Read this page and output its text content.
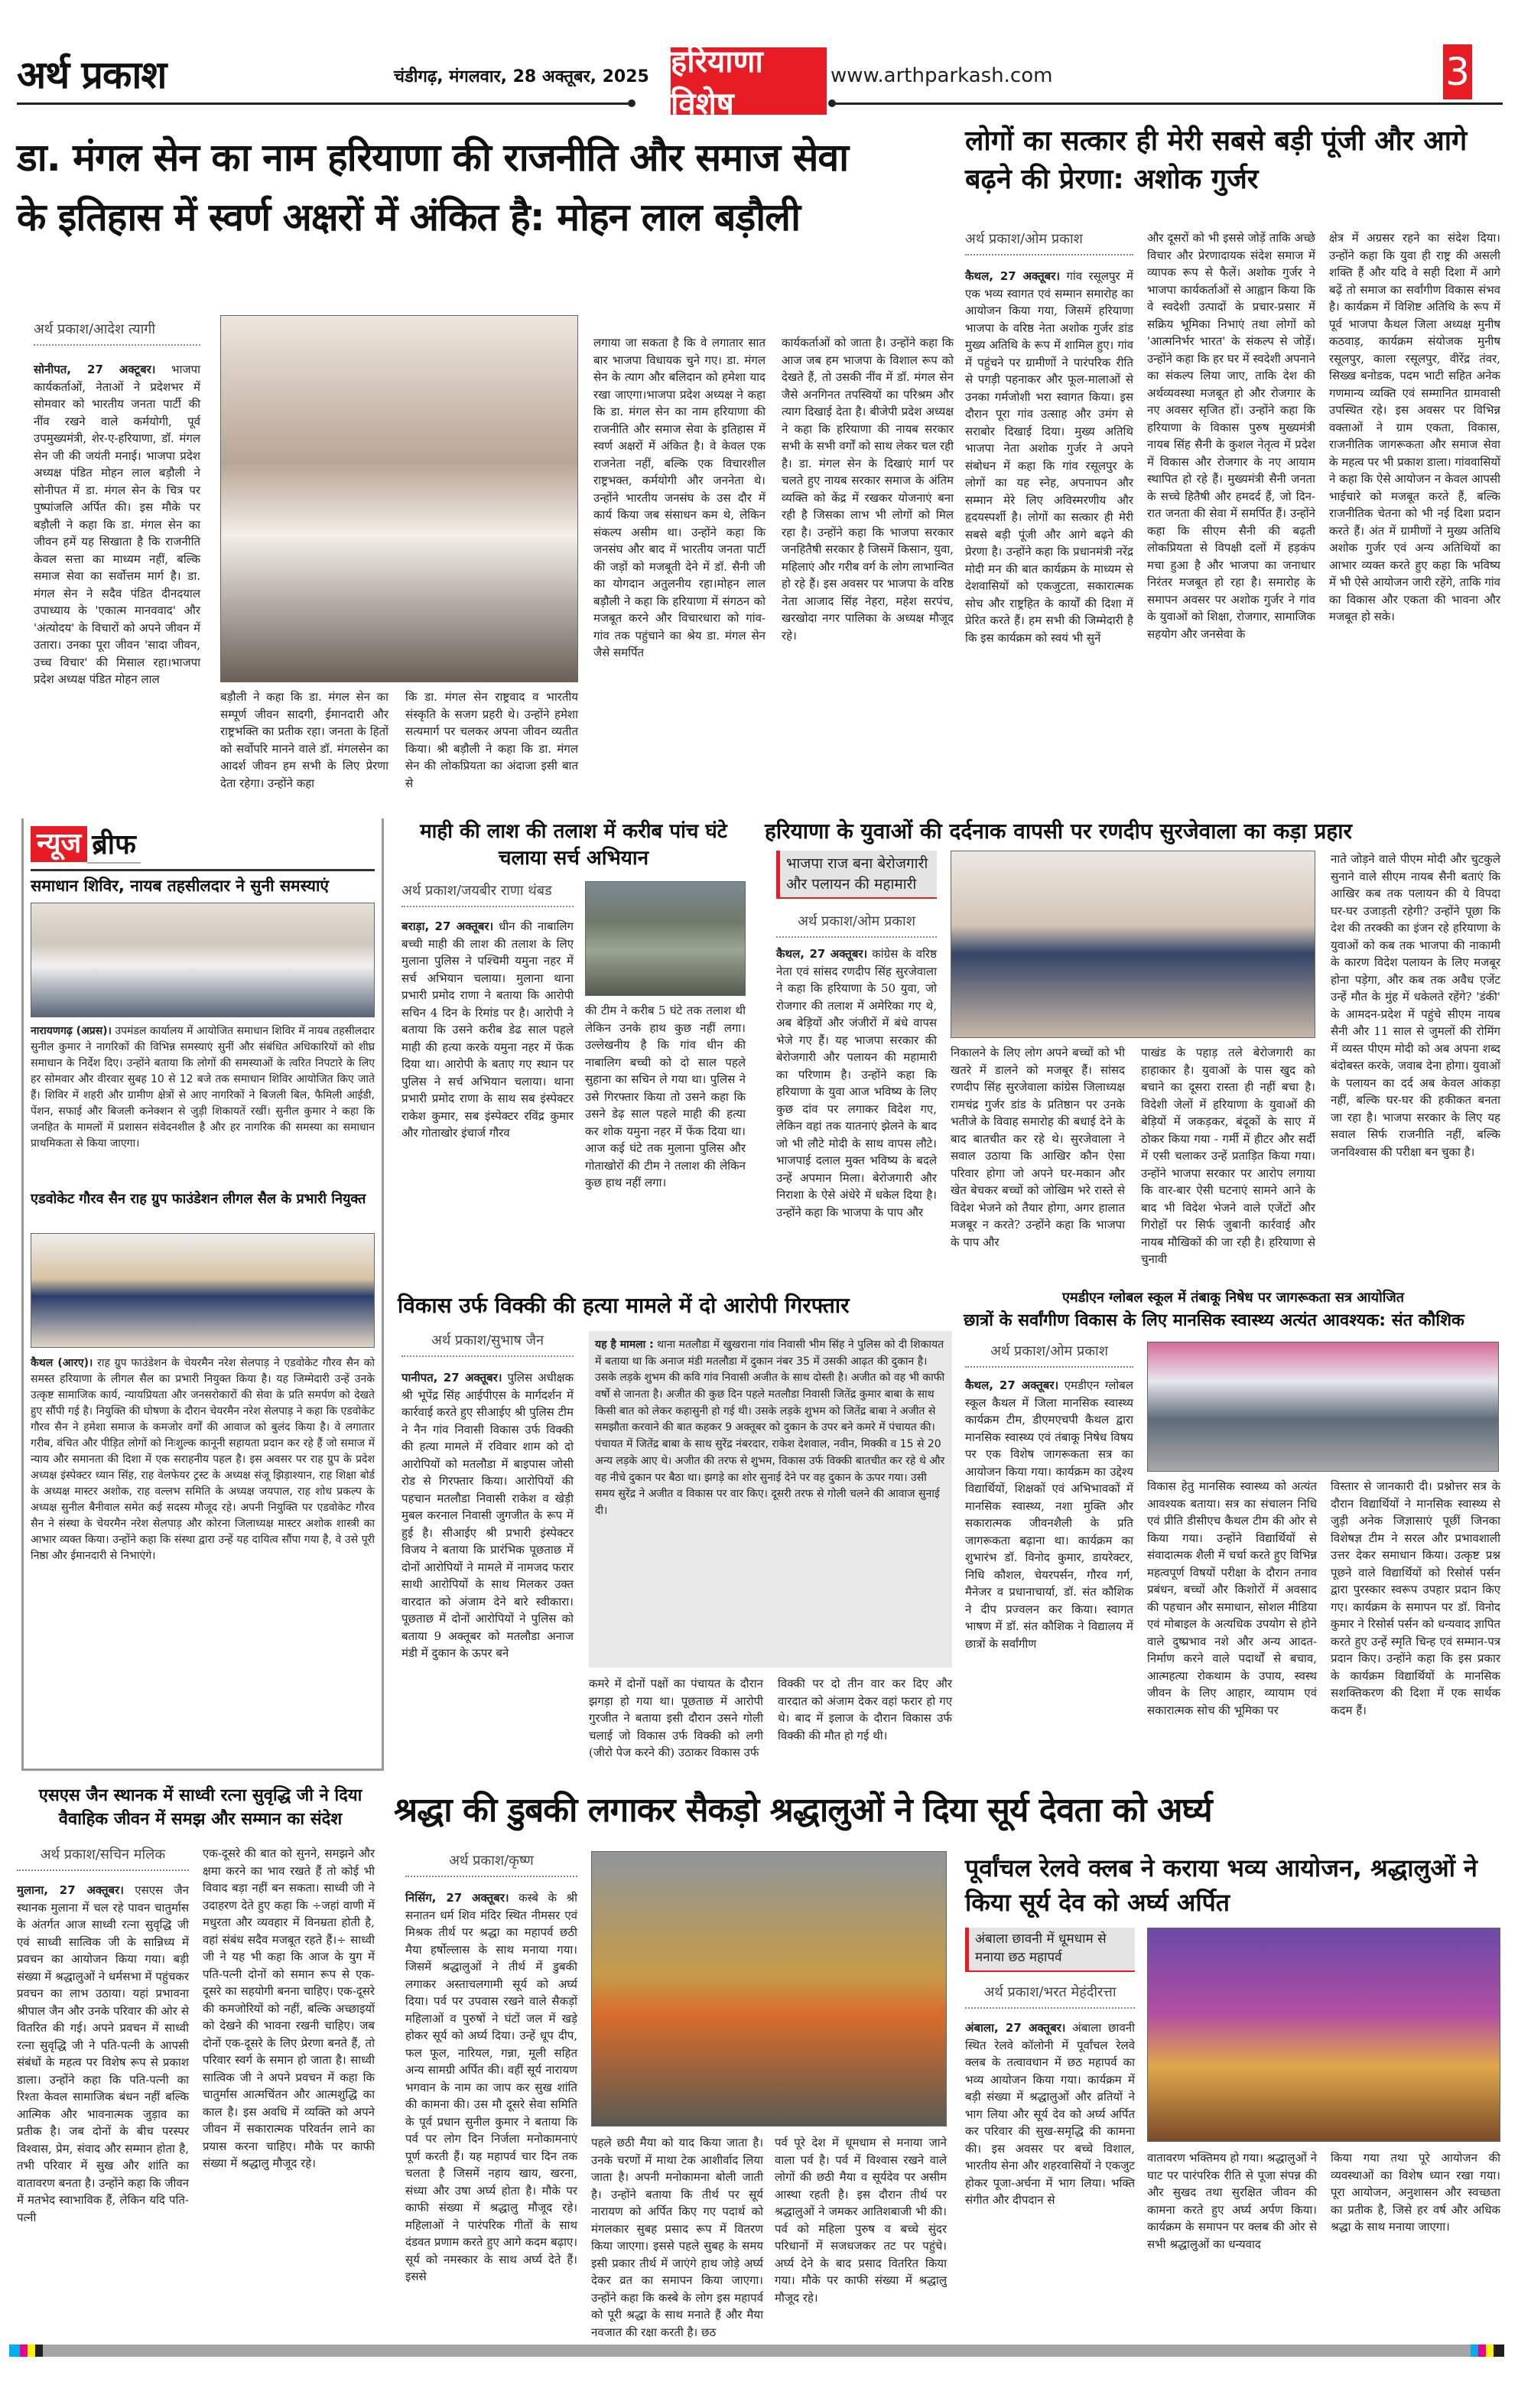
अर्थ प्रकाश	चंडीगढ़, मंगलवार, 28 अक्तूबर, 2025 हरियाणा विशेष
www.arthparkash.com	3
डा. मंगल सेन का नाम हरियाणा की राजनीति और समाज सेवा
के इतिहास में स्वर्ण अक्षरों में अंकित है: मोहन लाल बड़ौली
अर्थ प्रकाश/आदेश त्यागी
सोनीपत, 27 अक्टूबर। भाजपा कार्यकर्ताओं, नेताओं ने प्रदेशभर में सोमवार को भारतीय जनता पार्टी की नींव रखने वाले कर्मयोगी, पूर्व उपमुख्यमंत्री, शेर-ए-हरियाणा, डॉ. मंगल सेन जी की जयंती मनाई। भाजपा प्रदेश अध्यक्ष पंडित मोहन लाल बड़ौली ने सोनीपत में डा. मंगल सेन के चित्र पर पुष्पांजलि अर्पित की। इस मौके पर बड़ौली ने कहा कि डा. मंगल सेन का जीवन हमें यह सिखाता है कि राजनीति केवल सत्ता का माध्यम नहीं, बल्कि समाज सेवा का सर्वोत्तम मार्ग है। डा. मंगल सेन ने सदैव पंडित दीनदयाल उपाध्याय के 'एकात्म मानववाद' और 'अंत्योदय' के विचारों को अपने जीवन में उतारा। उनका पूरा जीवन 'सादा जीवन, उच्च विचार' की मिसाल रहा।भाजपा प्रदेश अध्यक्ष पंडित मोहन लाल
बड़ौली ने कहा कि डा. मंगल सेन का सम्पूर्ण जीवन सादगी, ईमानदारी और राष्ट्रभक्ति का प्रतीक रहा। जनता के हितों को सर्वोपरि मानने वाले डॉ. मंगलसेन का आदर्श जीवन हम सभी के लिए प्रेरणा देता रहेगा। उन्होंने कहा
कि डा. मंगल सेन राष्ट्रवाद व भारतीय संस्कृति के सजग प्रहरी थे। उन्होंने हमेशा सत्यमार्ग पर चलकर अपना जीवन व्यतीत किया। श्री बड़ौली ने कहा कि डा. मंगल सेन की लोकप्रियता का अंदाजा इसी बात से
लगाया जा सकता है कि वे लगातार सात बार भाजपा विधायक चुने गए। डा. मंगल सेन के त्याग और बलिदान को हमेशा याद रखा जाएगा।भाजपा प्रदेश अध्यक्ष ने कहा कि डा. मंगल सेन का नाम हरियाणा की राजनीति और समाज सेवा के इतिहास में स्वर्ण अक्षरों में अंकित है। वे केवल एक राजनेता नहीं, बल्कि एक विचारशील राष्ट्रभक्त, कर्मयोगी और जननेता थे। उन्होंने भारतीय जनसंघ के उस दौर में कार्य किया जब संसाधन कम थे, लेकिन संकल्प असीम था। उन्होंने कहा कि जनसंघ और बाद में भारतीय जनता पार्टी की जड़ों को मजबूती देने में डॉ. सैनी जी का योगदान अतुलनीय रहा।मोहन लाल बड़ौली ने कहा कि हरियाणा में संगठन को मजबूत करने और विचारधारा को गांव-गांव तक पहुंचाने का श्रेय डा. मंगल सेन जैसे समर्पित
कार्यकर्ताओं को जाता है। उन्होंने कहा कि आज जब हम भाजपा के विशाल रूप को देखते हैं, तो उसकी नींव में डॉ. मंगल सेन जैसे अनगिनत तपस्वियों का परिश्रम और त्याग दिखाई देता है। बीजेपी प्रदेश अध्यक्ष ने कहा कि हरियाणा की नायब सरकार सभी के सभी वर्गों को साथ लेकर चल रही है। डा. मंगल सेन के दिखाएं मार्ग पर चलते हुए नायब सरकार समाज के अंतिम व्यक्ति को केंद्र में रखकर योजनाएं बना रही है जिसका लाभ भी लोगों को मिल रहा है। उन्होंने कहा कि भाजपा सरकार जनहितैषी सरकार है जिसमें किसान, युवा, महिलाएं और गरीब वर्ग के लोग लाभान्वित हो रहे हैं। इस अवसर पर भाजपा के वरिष्ठ नेता आजाद सिंह नेहरा, महेश सरपंच, खरखोदा नगर पालिका के अध्यक्ष मौजूद रहे।
लोगों का सत्कार ही मेरी सबसे बड़ी पूंजी और आगे बढ़ने की प्रेरणा: अशोक गुर्जर
अर्थ प्रकाश/ओम प्रकाश
कैथल, 27 अक्तूबर। गांव रसूलपुर में एक भव्य स्वागत एवं सम्मान समारोह का आयोजन किया गया, जिसमें हरियाणा भाजपा के वरिष्ठ नेता अशोक गुर्जर डांड मुख्य अतिथि के रूप में शामिल हुए। गांव में पहुंचने पर ग्रामीणों ने पारंपरिक रीति से पगड़ी पहनाकर और फूल-मालाओं से उनका गर्मजोशी भरा स्वागत किया। इस दौरान पूरा गांव उत्साह और उमंग से सराबोर दिखाई दिया। मुख्य अतिथि भाजपा नेता अशोक गुर्जर ने अपने संबोधन में कहा कि गांव रसूलपुर के लोगों का यह स्नेह, अपनापन और सम्मान मेरे लिए अविस्मरणीय और हृदयस्पर्शी है। लोगों का सत्कार ही मेरी सबसे बड़ी पूंजी और आगे बढ़ने की प्रेरणा है। उन्होंने कहा कि प्रधानमंत्री नरेंद्र मोदी मन की बात कार्यक्रम के माध्यम से देशवासियों को एकजुटता, सकारात्मक सोच और राष्ट्रहित के कार्यों की दिशा में प्रेरित करते हैं। हम सभी की जिम्मेदारी है कि इस कार्यक्रम को स्वयं भी सुनें
और दूसरों को भी इससे जोड़ें ताकि अच्छे विचार और प्रेरणादायक संदेश समाज में व्यापक रूप से फैलें। अशोक गुर्जर ने भाजपा कार्यकर्ताओं से आह्वान किया कि वे स्वदेशी उत्पादों के प्रचार-प्रसार में सक्रिय भूमिका निभाएं तथा लोगों को 'आत्मनिर्भर भारत' के संकल्प से जोड़ें। उन्होंने कहा कि हर घर में स्वदेशी अपनाने का संकल्प लिया जाए, ताकि देश की अर्थव्यवस्था मजबूत हो और रोजगार के नए अवसर सृजित हों। उन्होंने कहा कि हरियाणा के विकास पुरुष मुख्यमंत्री नायब सिंह सैनी के कुशल नेतृत्व में प्रदेश में विकास और रोजगार के नए आयाम स्थापित हो रहे हैं। मुख्यमंत्री सैनी जनता के सच्चे हितैषी और हमदर्द हैं, जो दिन-रात जनता की सेवा में समर्पित हैं। उन्होंने कहा कि सीएम सैनी की बढ़ती लोकप्रियता से विपक्षी दलों में हड़कंप मचा हुआ है और भाजपा का जनाधार निरंतर मजबूत हो रहा है। समारोह के समापन अवसर पर अशोक गुर्जर ने गांव के युवाओं को शिक्षा, रोजगार, सामाजिक सहयोग और जनसेवा के
क्षेत्र में अग्रसर रहने का संदेश दिया। उन्होंने कहा कि युवा ही राष्ट्र की असली शक्ति हैं और यदि वे सही दिशा में आगे बढ़ें तो समाज का सर्वांगीण विकास संभव है। कार्यक्रम में विशिष्ट अतिथि के रूप में पूर्व भाजपा कैथल जिला अध्यक्ष मुनीष कठवाड़, कार्यक्रम संयोजक मुनीष रसूलपुर, काला रसूलपुर, वीरेंद्र तंवर, सिख्ख बनोडक, पदम भाटी सहित अनेक गणमान्य व्यक्ति एवं सम्मानित ग्रामवासी उपस्थित रहे। इस अवसर पर विभिन्न वक्ताओं ने ग्राम एकता, विकास, राजनीतिक जागरूकता और समाज सेवा के महत्व पर भी प्रकाश डाला। गांववासियों ने कहा कि ऐसे आयोजन न केवल आपसी भाईचारे को मजबूत करते हैं, बल्कि राजनीतिक चेतना को भी नई दिशा प्रदान करते हैं। अंत में ग्रामीणों ने मुख्य अतिथि अशोक गुर्जर एवं अन्य अतिथियों का आभार व्यक्त करते हुए कहा कि भविष्य में भी ऐसे आयोजन जारी रहेंगे, ताकि गांव का विकास और एकता की भावना और मजबूत हो सके।
न्यूज ब्रीफ
समाधान शिविर, नायब तहसीलदार ने सुनी समस्याएं
नारायणगढ़ (अप्रस)। उपमंडल कार्यालय में आयोजित समाधान शिविर में नायब तहसीलदार सुनील कुमार ने नागरिकों की विभिन्न समस्याएं सुनीं और संबंधित अधिकारियों को शीघ्र समाधान के निर्देश दिए। उन्होंने बताया कि लोगों की समस्याओं के त्वरित निपटारे के लिए हर सोमवार और वीरवार सुबह 10 से 12 बजे तक समाधान शिविर आयोजित किए जाते हैं। शिविर में शहरी और ग्रामीण क्षेत्रों से आए नागरिकों ने बिजली बिल, फैमिली आईडी, पेंशन, सफाई और बिजली कनेक्शन से जुड़ी शिकायतें रखीं। सुनील कुमार ने कहा कि जनहित के मामलों में प्रशासन संवेदनशील है और हर नागरिक की समस्या का समाधान प्राथमिकता से किया जाएगा।
एडवोकेट गौरव सैन राह ग्रुप फाउंडेशन लीगल सैल के प्रभारी नियुक्त
कैथल (आरए)। राह ग्रुप फाउंडेशन के चेयरमैन नरेश सेलपाड़ ने एडवोकेट गौरव सैन को समस्त हरियाणा के लीगल सैल का प्रभारी नियुक्त किया है। यह जिम्मेदारी उन्हें उनके उत्कृष्ट सामाजिक कार्य, न्यायप्रियता और जनसरोकारों की सेवा के प्रति समर्पण को देखते हुए सौंपी गई है। नियुक्ति की घोषणा के दौरान चेयरमैन नरेश सेलपाड़ ने कहा कि एडवोकेट गौरव सैन ने हमेशा समाज के कमजोर वर्गों की आवाज को बुलंद किया है। वे लगातार गरीब, वंचित और पीड़ित लोगों को निःशुल्क कानूनी सहायता प्रदान कर रहे हैं जो समाज में न्याय और समानता की दिशा में एक सराहनीय पहल है। इस अवसर पर राह ग्रुप के प्रदेश अध्यक्ष इंस्पेक्टर ध्यान सिंह, राह वेलफेयर ट्रस्ट के अध्यक्ष संजू झिड़ाश्यान, राह शिक्षा बोर्ड के अध्यक्ष मास्टर अशोक, राह वल्लभ समिति के अध्यक्ष जयपाल, राह शोध प्रकल्प के अध्यक्ष सुनील बैनीवाल समेत कई सदस्य मौजूद रहे। अपनी नियुक्ति पर एडवोकेट गौरव सैन ने संस्था के चेयरमैन नरेश सेलपाड़ और कोरना जिलाध्यक्ष मास्टर अशोक शास्त्री का आभार व्यक्त किया। उन्होंने कहा कि संस्था द्वारा उन्हें यह दायित्व सौंपा गया है, वे उसे पूरी निष्ठा और ईमानदारी से निभाएंगे।
माही की लाश की तलाश में करीब पांच घंटे चलाया सर्च अभियान
अर्थ प्रकाश/जयबीर राणा थंबड
बराड़ा, 27 अक्तूबर। धीन की नाबालिग बच्ची माही की लाश की तलाश के लिए मुलाना पुलिस ने पश्चिमी यमुना नहर में सर्च अभियान चलाया। मुलाना थाना प्रभारी प्रमोद राणा ने बताया कि आरोपी सचिन 4 दिन के रिमांड पर है। आरोपी ने बताया कि उसने करीब डेढ साल पहले माही की हत्या करके यमुना नहर में फेंक दिया था। आरोपी के बताए गए स्थान पर पुलिस ने सर्च अभियान चलाया। थाना प्रभारी प्रमोद राणा के साथ सब इंस्पेक्टर राकेश कुमार, सब इंस्पेक्टर रविंद्र कुमार और गोताखोर इंचार्ज गौरव
की टीम ने करीब 5 घंटे तक तलाश थी लेकिन उनके हाथ कुछ नहीं लगा। उल्लेखनीय है कि गांव धीन की नाबालिग बच्ची को दो साल पहले सुहाना का सचिन ले गया था। पुलिस ने उसे गिरफ्तार किया तो उसने कहा कि उसने डेढ़ साल पहले माही की हत्या कर शोक यमुना नहर में फेंक दिया था। आज कई घंटे तक मुलाना पुलिस और गोताखोरों की टीम ने तलाश की लेकिन कुछ हाथ नहीं लगा।
हरियाणा के युवाओं की दर्दनाक वापसी पर रणदीप सुरजेवाला का कड़ा प्रहार
भाजपा राज बना बेरोजगारी और पलायन की महामारी
अर्थ प्रकाश/ओम प्रकाश
कैथल, 27 अक्तूबर। कांग्रेस के वरिष्ठ नेता एवं सांसद रणदीप सिंह सुरजेवाला ने कहा कि हरियाणा के 50 युवा, जो रोजगार की तलाश में अमेरिका गए थे, अब बेड़ियों और जंजीरों में बंधे वापस भेजे गए हैं। यह भाजपा सरकार की बेरोजगारी और पलायन की महामारी का परिणाम है। उन्होंने कहा कि हरियाणा के युवा आज भविष्य के लिए कुछ दांव पर लगाकर विदेश गए, लेकिन वहां तक यातनाएं झेलने के बाद जो भी लौटे मोदी के साथ वापस लौटे। भाजपाई दलाल मुक्त भविष्य के बदले उन्हें अपमान मिला। बेरोजगारी और निराशा के ऐसे अंधेरे में धकेल दिया है। उन्होंने कहा कि भाजपा के पाप और
निकालने के लिए लोग अपने बच्चों को भी खतरे में डालने को मजबूर हैं। सांसद रणदीप सिंह सुरजेवाला कांग्रेस जिलाध्यक्ष रामचंद्र गुर्जर डांड के प्रतिष्ठान पर उनके भतीजे के विवाह समारोह की बधाई देने के बाद बातचीत कर रहे थे। सुरजेवाला ने सवाल उठाया कि आखिर कौन ऐसा परिवार होगा जो अपने घर-मकान और खेत बेचकर बच्चों को जोखिम भरे रास्ते से विदेश भेजने को तैयार होगा, अगर हालात मजबूर न करते? उन्होंने कहा कि भाजपा के पाप और
पाखंड के पहाड़ तले बेरोजगारी का हाहाकार है। युवाओं के पास खुद को बचाने का दूसरा रास्ता ही नहीं बचा है। विदेशी जेलों में हरियाणा के युवाओं की बेड़ियों में जकड़कर, बंदूकों के साए में ठोकर किया गया - गर्मी में हीटर और सर्दी में एसी चलाकर उन्हें प्रताड़ित किया गया। उन्होंने भाजपा सरकार पर आरोप लगाया कि वार-बार ऐसी घटनाएं सामने आने के बाद भी विदेश भेजने वाले एजेंटों और गिरोहों पर सिर्फ जुबानी कार्रवाई और नायब मौखिकों की जा रही है। हरियाणा से चुनावी
नाते जोड़ने वाले पीएम मोदी और चुटकुले सुनाने वाले सीएम नायब सैनी बताएं कि आखिर कब तक पलायन की ये विपदा घर-घर उजाड़ती रहेगी? उन्होंने पूछा कि देश की तरक्की का इंजन रहे हरियाणा के युवाओं को कब तक भाजपा की नाकामी के कारण विदेश पलायन के लिए मजबूर होना पड़ेगा, और कब तक अवैध एजेंट उन्हें मौत के मुंह में धकेलते रहेंगे? 'डंकी' के आमदन-प्रदेश में पहुंचे सीएम नायब सैनी और 11 साल से जुमलों की रोमिंग में व्यस्त पीएम मोदी को अब अपना शब्द बंदोबस्त करके, जवाब देना होगा। युवाओं के पलायन का दर्द अब केवल आंकड़ा नहीं, बल्कि घर-घर की हकीकत बनता जा रहा है। भाजपा सरकार के लिए यह सवाल सिर्फ राजनीति नहीं, बल्कि जनविश्वास की परीक्षा बन चुका है।
विकास उर्फ विक्की की हत्या मामले में दो आरोपी गिरफ्तार
अर्थ प्रकाश/सुभाष जैन
पानीपत, 27 अक्तूबर। पुलिस अधीक्षक श्री भूपेंद्र सिंह आईपीएस के मार्गदर्शन में कार्रवाई करते हुए सीआईए श्री पुलिस टीम ने नैन गांव निवासी विकास उर्फ विक्की की हत्या मामले में रविवार शाम को दो आरोपियों को मतलौडा में बाइपास जोसी रोड से गिरफ्तार किया। आरोपियों की पहचान मतलौडा निवासी राकेश व खेड़ी मुबल करनाल निवासी जुगजीत के रूप में हुई है। सीआईए श्री प्रभारी इंस्पेक्टर विजय ने बताया कि प्रारंभिक पूछताछ में दोनों आरोपियों ने मामले में नामजद फरार साथी आरोपियों के साथ मिलकर उक्त वारदात को अंजाम देने बारे स्वीकारा। पूछताछ में दोनों आरोपियों ने पुलिस को बताया 9 अक्तूबर को मतलौडा अनाज मंडी में दुकान के ऊपर बने
यह है मामला : थाना मतलौडा में खुखराना गांव निवासी भीम सिंह ने पुलिस को दी शिकायत में बताया था कि अनाज मंडी मतलौडा में दुकान नंबर 35 में उसकी आढ़त की दुकान है। उसके लड़के शुभम की कवि गांव निवासी अजीत के साथ दोस्ती है। अजीत को वह भी काफी वर्षो से जानता है। अजीत की कुछ दिन पहले मतलौडा निवासी जितेंद्र कुमार बाबा के साथ किसी बात को लेकर कहासुनी हो गई थी। उसके लड़के शुभम को जितेंद्र बाबा ने अजीत से समझौता करवाने की बात कहकर 9 अक्तूबर को दुकान के उपर बने कमरे में पंचायत की। पंचायत में जितेंद्र बाबा के साथ सुरेंद्र नंबरदार, राकेश देशवाल, नवीन, मिक्की व 15 से 20 अन्य लड़के आए थे। अजीत की तरफ से शुभम, विकास उर्फ विक्की बातचीत कर रहे थे और वह नीचे दुकान पर बैठा था। झगड़े का शोर सुनाई देने पर वह दुकान के ऊपर गया। उसी समय सुरेंद्र ने अजीत व विकास पर वार किए। दूसरी तरफ से गोली चलने की आवाज सुनाई दी।
कमरे में दोनों पक्षों का पंचायत के दौरान झगड़ा हो गया था। पूछताछ में आरोपी गुरजीत ने बताया इसी दौरान उसने गोली चलाई जो विकास उर्फ विक्की को लगी (जीरो पेज करने की) उठाकर विकास उर्फ
विक्की पर दो तीन वार कर दिए और वारदात को अंजाम देकर वहां फरार हो गए थे। बाद में इलाज के दौरान विकास उर्फ विक्की की मौत हो गई थी।
एमडीएन ग्लोबल स्कूल में तंबाकू निषेध पर जागरूकता सत्र आयोजित
छात्रों के सर्वांगीण विकास के लिए मानसिक स्वास्थ्य अत्यंत आवश्यक: संत कौशिक
अर्थ प्रकाश/ओम प्रकाश
कैथल, 27 अक्तूबर। एमडीएन ग्लोबल स्कूल कैथल में जिला मानसिक स्वास्थ्य कार्यक्रम टीम, डीएमएचपी कैथल द्वारा मानसिक स्वास्थ्य एवं तंबाकू निषेध विषय पर एक विशेष जागरूकता सत्र का आयोजन किया गया। कार्यक्रम का उद्देश्य विद्यार्थियों, शिक्षकों एवं अभिभावकों में मानसिक स्वास्थ्य, नशा मुक्ति और सकारात्मक जीवनशैली के प्रति जागरूकता बढ़ाना था। कार्यक्रम का शुभारंभ डॉ. विनोद कुमार, डायरेक्टर, निधि कौशल, चेयरपर्सन, गौरव गर्ग, मैनेजर व प्रधानाचार्या, डॉ. संत कौशिक ने दीप प्रज्वलन कर किया। स्वागत भाषण में डॉ. संत कौशिक ने विद्यालय में छात्रों के सर्वांगीण
विकास हेतु मानसिक स्वास्थ्य को अत्यंत आवश्यक बताया। सत्र का संचालन निधि एवं प्रीति डीसीएच कैथल टीम की ओर से किया गया। उन्होंने विद्यार्थियों से संवादात्मक शैली में चर्चा करते हुए विभिन्न महत्वपूर्ण विषयों परीक्षा के दौरान तनाव प्रबंधन, बच्चों और किशोरों में अवसाद की पहचान और समाधान, सोशल मीडिया एवं मोबाइल के अत्यधिक उपयोग से होने वाले दुष्प्रभाव नशे और अन्य आदत-निर्माण करने वाले पदार्थों से बचाव, आत्महत्या रोकथाम के उपाय, स्वस्थ जीवन के लिए आहार, व्यायाम एवं सकारात्मक सोच की भूमिका पर
विस्तार से जानकारी दी। प्रश्नोत्तर सत्र के दौरान विद्यार्थियों ने मानसिक स्वास्थ्य से जुड़ी अनेक जिज्ञासाएं पूछीं जिनका विशेषज्ञ टीम ने सरल और प्रभावशाली उत्तर देकर समाधान किया। उत्कृष्ट प्रश्न पूछने वाले विद्यार्थियों को रिसोर्स पर्सन द्वारा पुरस्कार स्वरूप उपहार प्रदान किए गए। कार्यक्रम के समापन पर डॉ. विनोद कुमार ने रिसोर्स पर्सन को धन्यवाद ज्ञापित करते हुए उन्हें स्मृति चिन्ह एवं सम्मान-पत्र प्रदान किए। उन्होंने कहा कि इस प्रकार के कार्यक्रम विद्यार्थियों के मानसिक सशक्तिकरण की दिशा में एक सार्थक कदम हैं।
एसएस जैन स्थानक में साध्वी रत्ना सुवृद्धि जी ने दिया वैवाहिक जीवन में समझ और सम्मान का संदेश
अर्थ प्रकाश/सचिन मलिक
मुलाना, 27 अक्तूबर। एसएस जैन स्थानक मुलाना में चल रहे पावन चातुर्मास के अंतर्गत आज साध्वी रत्ना सुवृद्धि जी एवं साध्वी सात्विक जी के सान्निध्य में प्रवचन का आयोजन किया गया। बड़ी संख्या में श्रद्धालुओं ने धर्मसभा में पहुंचकर प्रवचन का लाभ उठाया। यहां प्रभावना श्रीपाल जैन और उनके परिवार की ओर से वितरित की गई। अपने प्रवचन में साध्वी रत्ना सुवृद्धि जी ने पति-पत्नी के आपसी संबंधों के महत्व पर विशेष रूप से प्रकाश डाला। उन्होंने कहा कि पति-पत्नी का रिश्ता केवल सामाजिक बंधन नहीं बल्कि आत्मिक और भावनात्मक जुड़ाव का प्रतीक है। जब दोनों के बीच परस्पर विश्वास, प्रेम, संवाद और सम्मान होता है, तभी परिवार में सुख और शांति का वातावरण बनता है। उन्होंने कहा कि जीवन में मतभेद स्वाभाविक हैं, लेकिन यदि पति-पत्नी
एक-दूसरे की बात को सुनने, समझने और क्षमा करने का भाव रखते हैं तो कोई भी विवाद बड़ा नहीं बन सकता। साध्वी जी ने उदाहरण देते हुए कहा कि ÷जहां वाणी में मधुरता और व्यवहार में विनम्रता होती है, वहां संबंध सदैव मजबूत रहते हैं।÷ साध्वी जी ने यह भी कहा कि आज के युग में पति-पत्नी दोनों को समान रूप से एक-दूसरे का सहयोगी बनना चाहिए। एक-दूसरे की कमजोरियों को नहीं, बल्कि अच्छाइयों को देखने की भावना रखनी चाहिए। जब दोनों एक-दूसरे के लिए प्रेरणा बनते हैं, तो परिवार स्वर्ग के समान हो जाता है। साध्वी सात्विक जी ने अपने प्रवचन में कहा कि चातुर्मास आत्मचिंतन और आत्मशुद्धि का काल है। इस अवधि में व्यक्ति को अपने जीवन में सकारात्मक परिवर्तन लाने का प्रयास करना चाहिए। मौके पर काफी संख्या में श्रद्धालु मौजूद रहे।
श्रद्धा की डुबकी लगाकर सैकड़ो श्रद्धालुओं ने दिया सूर्य देवता को अर्घ्य
अर्थ प्रकाश/कृष्ण
निसिंग, 27 अक्तूबर। कस्बे के श्री सनातन धर्म शिव मंदिर स्थित नीमसर एवं मिश्रक तीर्थ पर श्रद्धा का महापर्व छठी मैया हर्षोल्लास के साथ मनाया गया। जिसमें श्रद्धालुओं ने तीर्थ में डुबकी लगाकर अस्ताचलगामी सूर्य को अर्घ्य दिया। पर्व पर उपवास रखने वाले सैकड़ों महिलाओं व पुरुषों ने घंटों जल में खड़े होकर सूर्य को अर्घ्य दिया। उन्हें धूप दीप, फल फूल, नारियल, गन्ना, मूली सहित अन्य सामग्री अर्पित की। वहीं सूर्य नारायण भगवान के नाम का जाप कर सुख शांति की कामना की। उस मौ दूसरे सेवा समिति के पूर्व प्रधान सुनील कुमार ने बताया कि पर्व पर लोग दिन निर्जला मनोकामनाएं पूर्ण करती हैं। यह महापर्व चार दिन तक चलता है जिसमें नहाय खाय, खरना, संध्या और उषा अर्घ्य होता है। मौके पर काफी संख्या में श्रद्धालु मौजूद रहे। महिलाओं ने पारंपरिक गीतों के साथ दंडवत प्रणाम करते हुए आगे कदम बढ़ाए। सूर्य को नमस्कार के साथ अर्घ्य देते हैं। इससे
पहले छठी मैया को याद किया जाता है। उनके चरणों में माथा टेक आशीर्वाद लिया जाता है। अपनी मनोकामना बोली जाती है। उन्होंने बताया कि तीर्थ पर सूर्य नारायण को अर्पित किए गए पदार्थ को मंगलकार सुबह प्रसाद रूप में वितरण किया जाएगा। इससे पहले सुबह के समय इसी प्रकार तीर्थ में जाएंगे हाथ जोड़े अर्घ्य देकर व्रत का समापन किया जाएगा। उन्होंने कहा कि कस्बे के लोग इस महापर्व को पूरी श्रद्धा के साथ मनाते हैं और मैया नवजात की रक्षा करती है। छठ
पर्व पूरे देश में धूमधाम से मनाया जाने वाला पर्व है। पर्व में विश्वास रखने वाले लोगों की छठी मैया व सूर्यदेव पर असीम आस्था रहती है। इस दौरान तीर्थ पर श्रद्धालुओं ने जमकर आतिशबाजी भी की। पर्व को महिला पुरुष व बच्चे सुंदर परिधानों में सजधजकर तट पर पहुंचे। अर्घ्य देने के बाद प्रसाद वितरित किया गया। मौके पर काफी संख्या में श्रद्धालु मौजूद रहे।
पूर्वांचल रेलवे क्लब ने कराया भव्य आयोजन, श्रद्धालुओं ने किया सूर्य देव को अर्घ्य अर्पित
अंबाला छावनी में धूमधाम से मनाया छठ महापर्व
अर्थ प्रकाश/भरत मेहंदीरत्ता
अंबाला, 27 अक्तूबर। अंबाला छावनी स्थित रेलवे कॉलोनी में पूर्वांचल रेलवे क्लब के तत्वावधान में छठ महापर्व का भव्य आयोजन किया गया। कार्यक्रम में बड़ी संख्या में श्रद्धालुओं और व्रतियों ने भाग लिया और सूर्य देव को अर्घ्य अर्पित कर परिवार की सुख-समृद्धि की कामना की। इस अवसर पर बच्चे विशाल, भारतीय सेना और शहरवासियों ने एकजुट होकर पूजा-अर्चना में भाग लिया। भक्ति संगीत और दीपदान से
वातावरण भक्तिमय हो गया। श्रद्धालुओं ने घाट पर पारंपरिक रीति से पूजा संपन्न की और सुखद तथा सुरक्षित जीवन की कामना करते हुए अर्घ्य अर्पण किया। कार्यक्रम के समापन पर क्लब की ओर से सभी श्रद्धालुओं का धन्यवाद
किया गया तथा पूरे आयोजन की व्यवस्थाओं का विशेष ध्यान रखा गया। पूरा आयोजन, अनुशासन और स्वच्छता का प्रतीक है, जिसे हर वर्ष और अधिक श्रद्धा के साथ मनाया जाएगा।
